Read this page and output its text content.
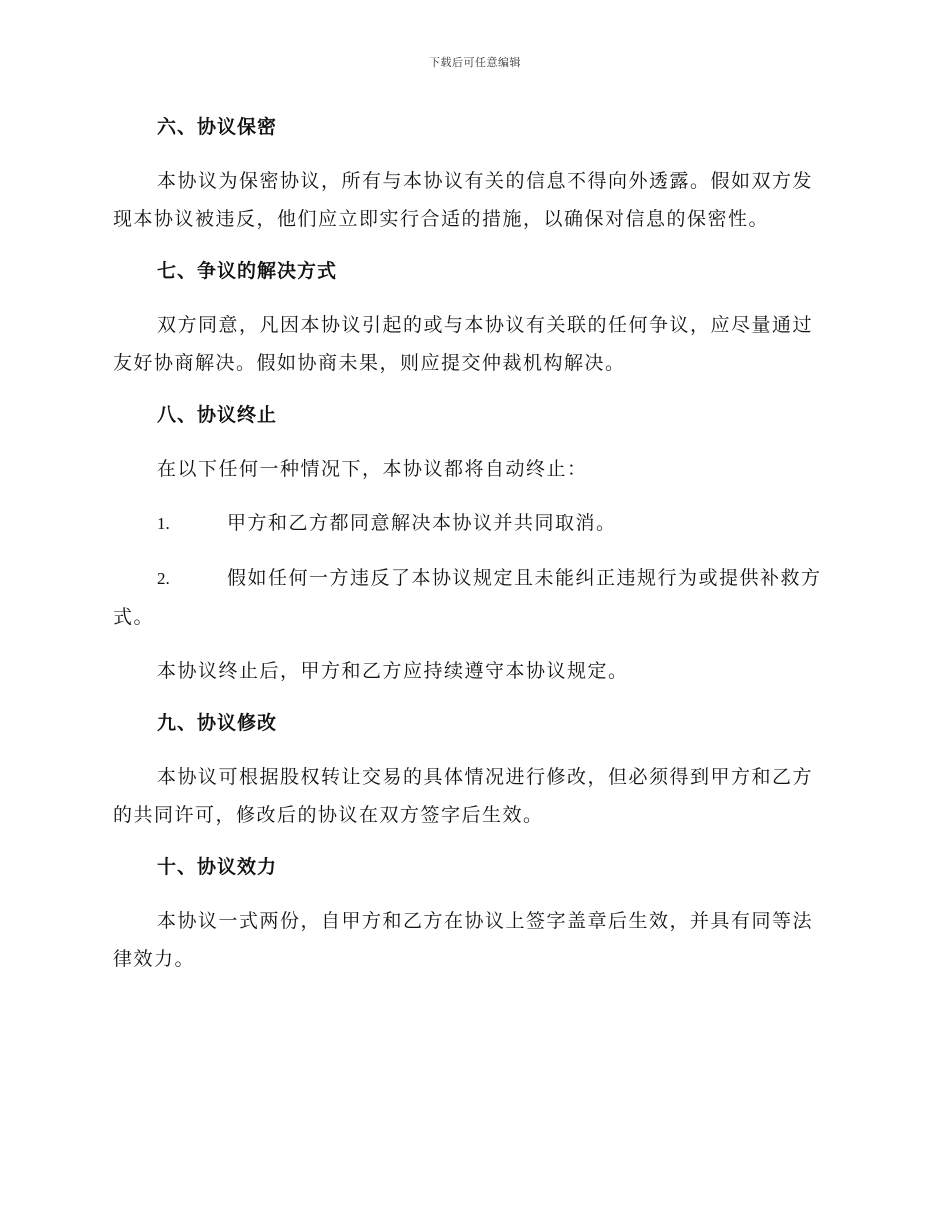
下载后可任意编辑
六、协议保密

本协议为保密协议，所有与本协议有关的信息不得向外透露。假如双方发现本协议被违反，他们应立即实行合适的措施，以确保对信息的保密性。

七、争议的解决方式

双方同意，凡因本协议引起的或与本协议有关联的任何争议，应尽量通过友好协商解决。假如协商未果，则应提交仲裁机构解决。

八、协议终止

在以下任何一种情况下，本协议都将自动终止：

1.	甲方和乙方都同意解决本协议并共同取消。

2.	假如任何一方违反了本协议规定且未能纠正违规行为或提供补救方式。

本协议终止后，甲方和乙方应持续遵守本协议规定。

九、协议修改

本协议可根据股权转让交易的具体情况进行修改，但必须得到甲方和乙方的共同许可，修改后的协议在双方签字后生效。

十、协议效力

本协议一式两份，自甲方和乙方在协议上签字盖章后生效，并具有同等法律效力。
